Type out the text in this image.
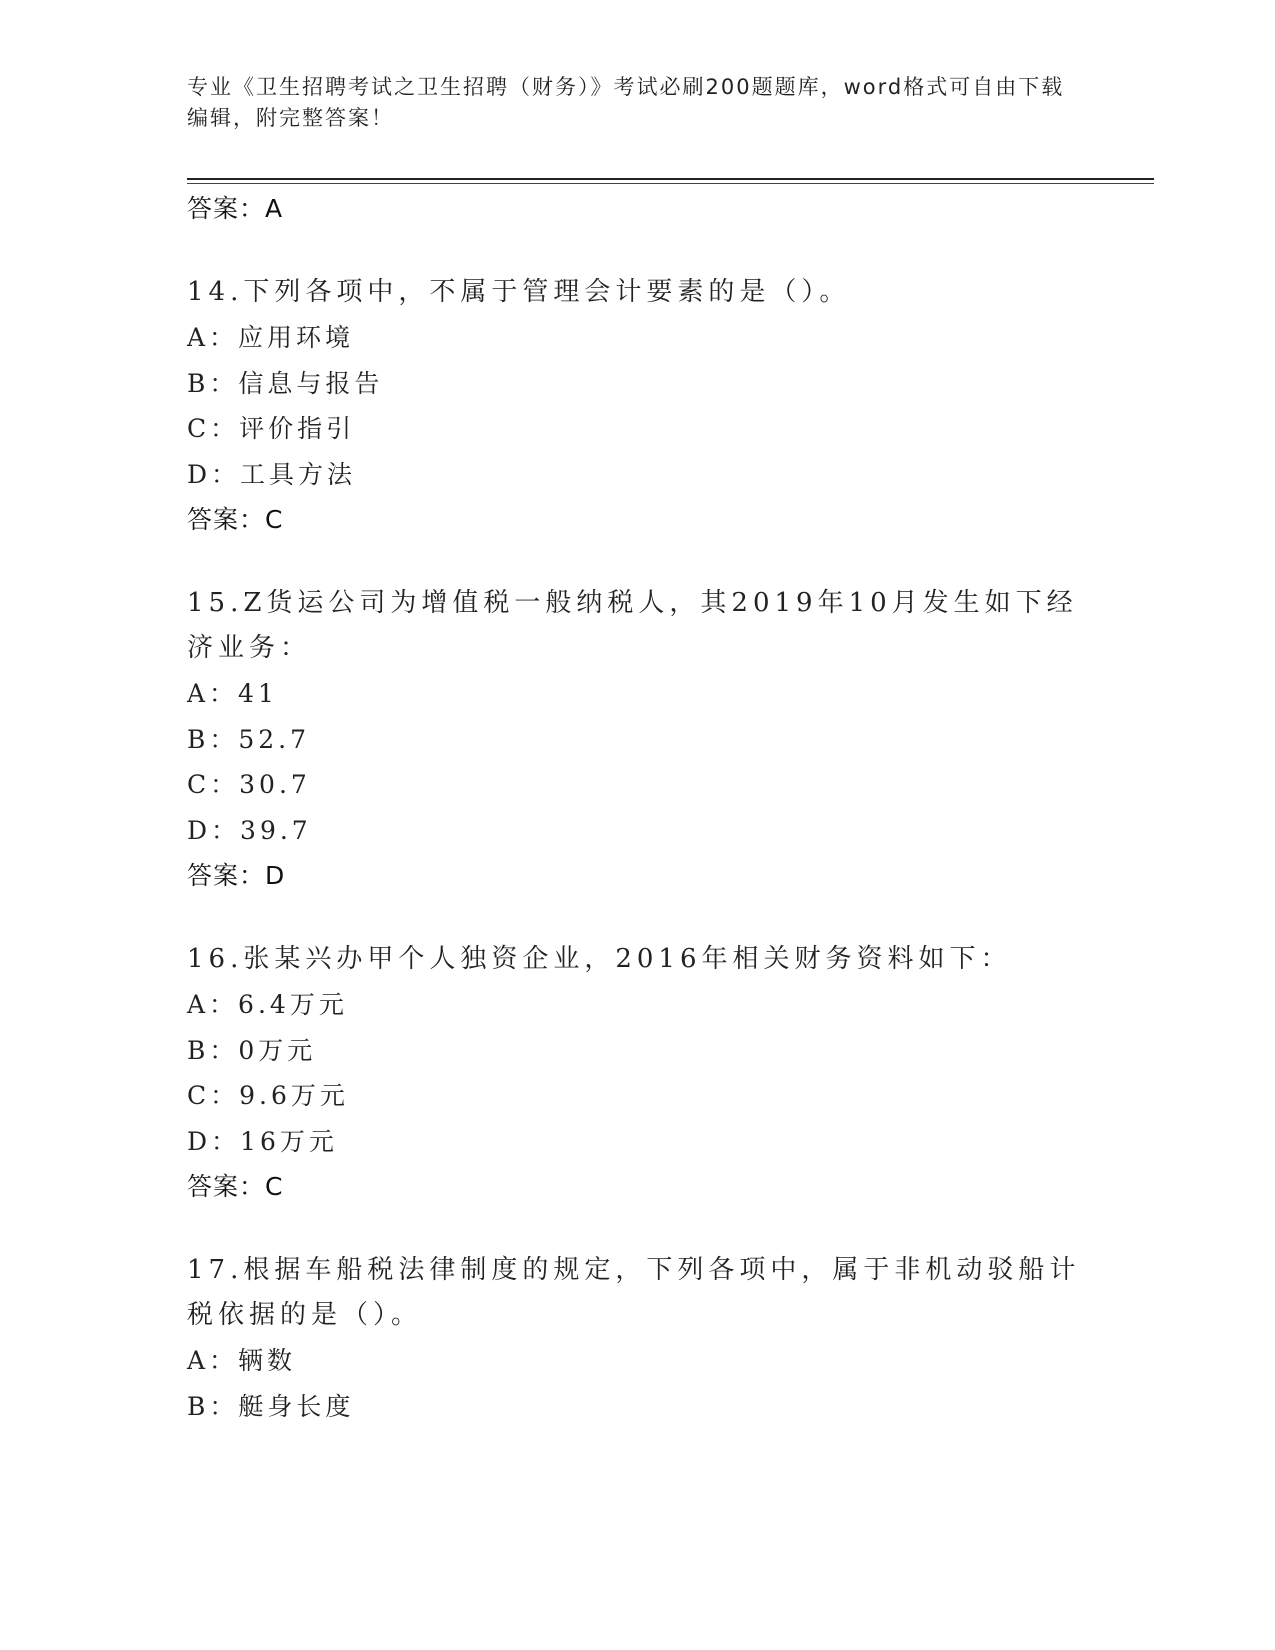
专业《卫生招聘考试之卫生招聘（财务）》考试必刷200题题库，word格式可自由下载编辑，附完整答案！
答案：A
14.下列各项中，不属于管理会计要素的是（）。
A：应用环境
B：信息与报告
C：评价指引
D：工具方法
答案：C
15.Z货运公司为增值税一般纳税人，其2019年10月发生如下经济业务：
A：41
B：52.7
C：30.7
D：39.7
答案：D
16.张某兴办甲个人独资企业，2016年相关财务资料如下：
A：6.4万元
B：0万元
C：9.6万元
D：16万元
答案：C
17.根据车船税法律制度的规定，下列各项中，属于非机动驳船计税依据的是（）。
A：辆数
B：艇身长度
